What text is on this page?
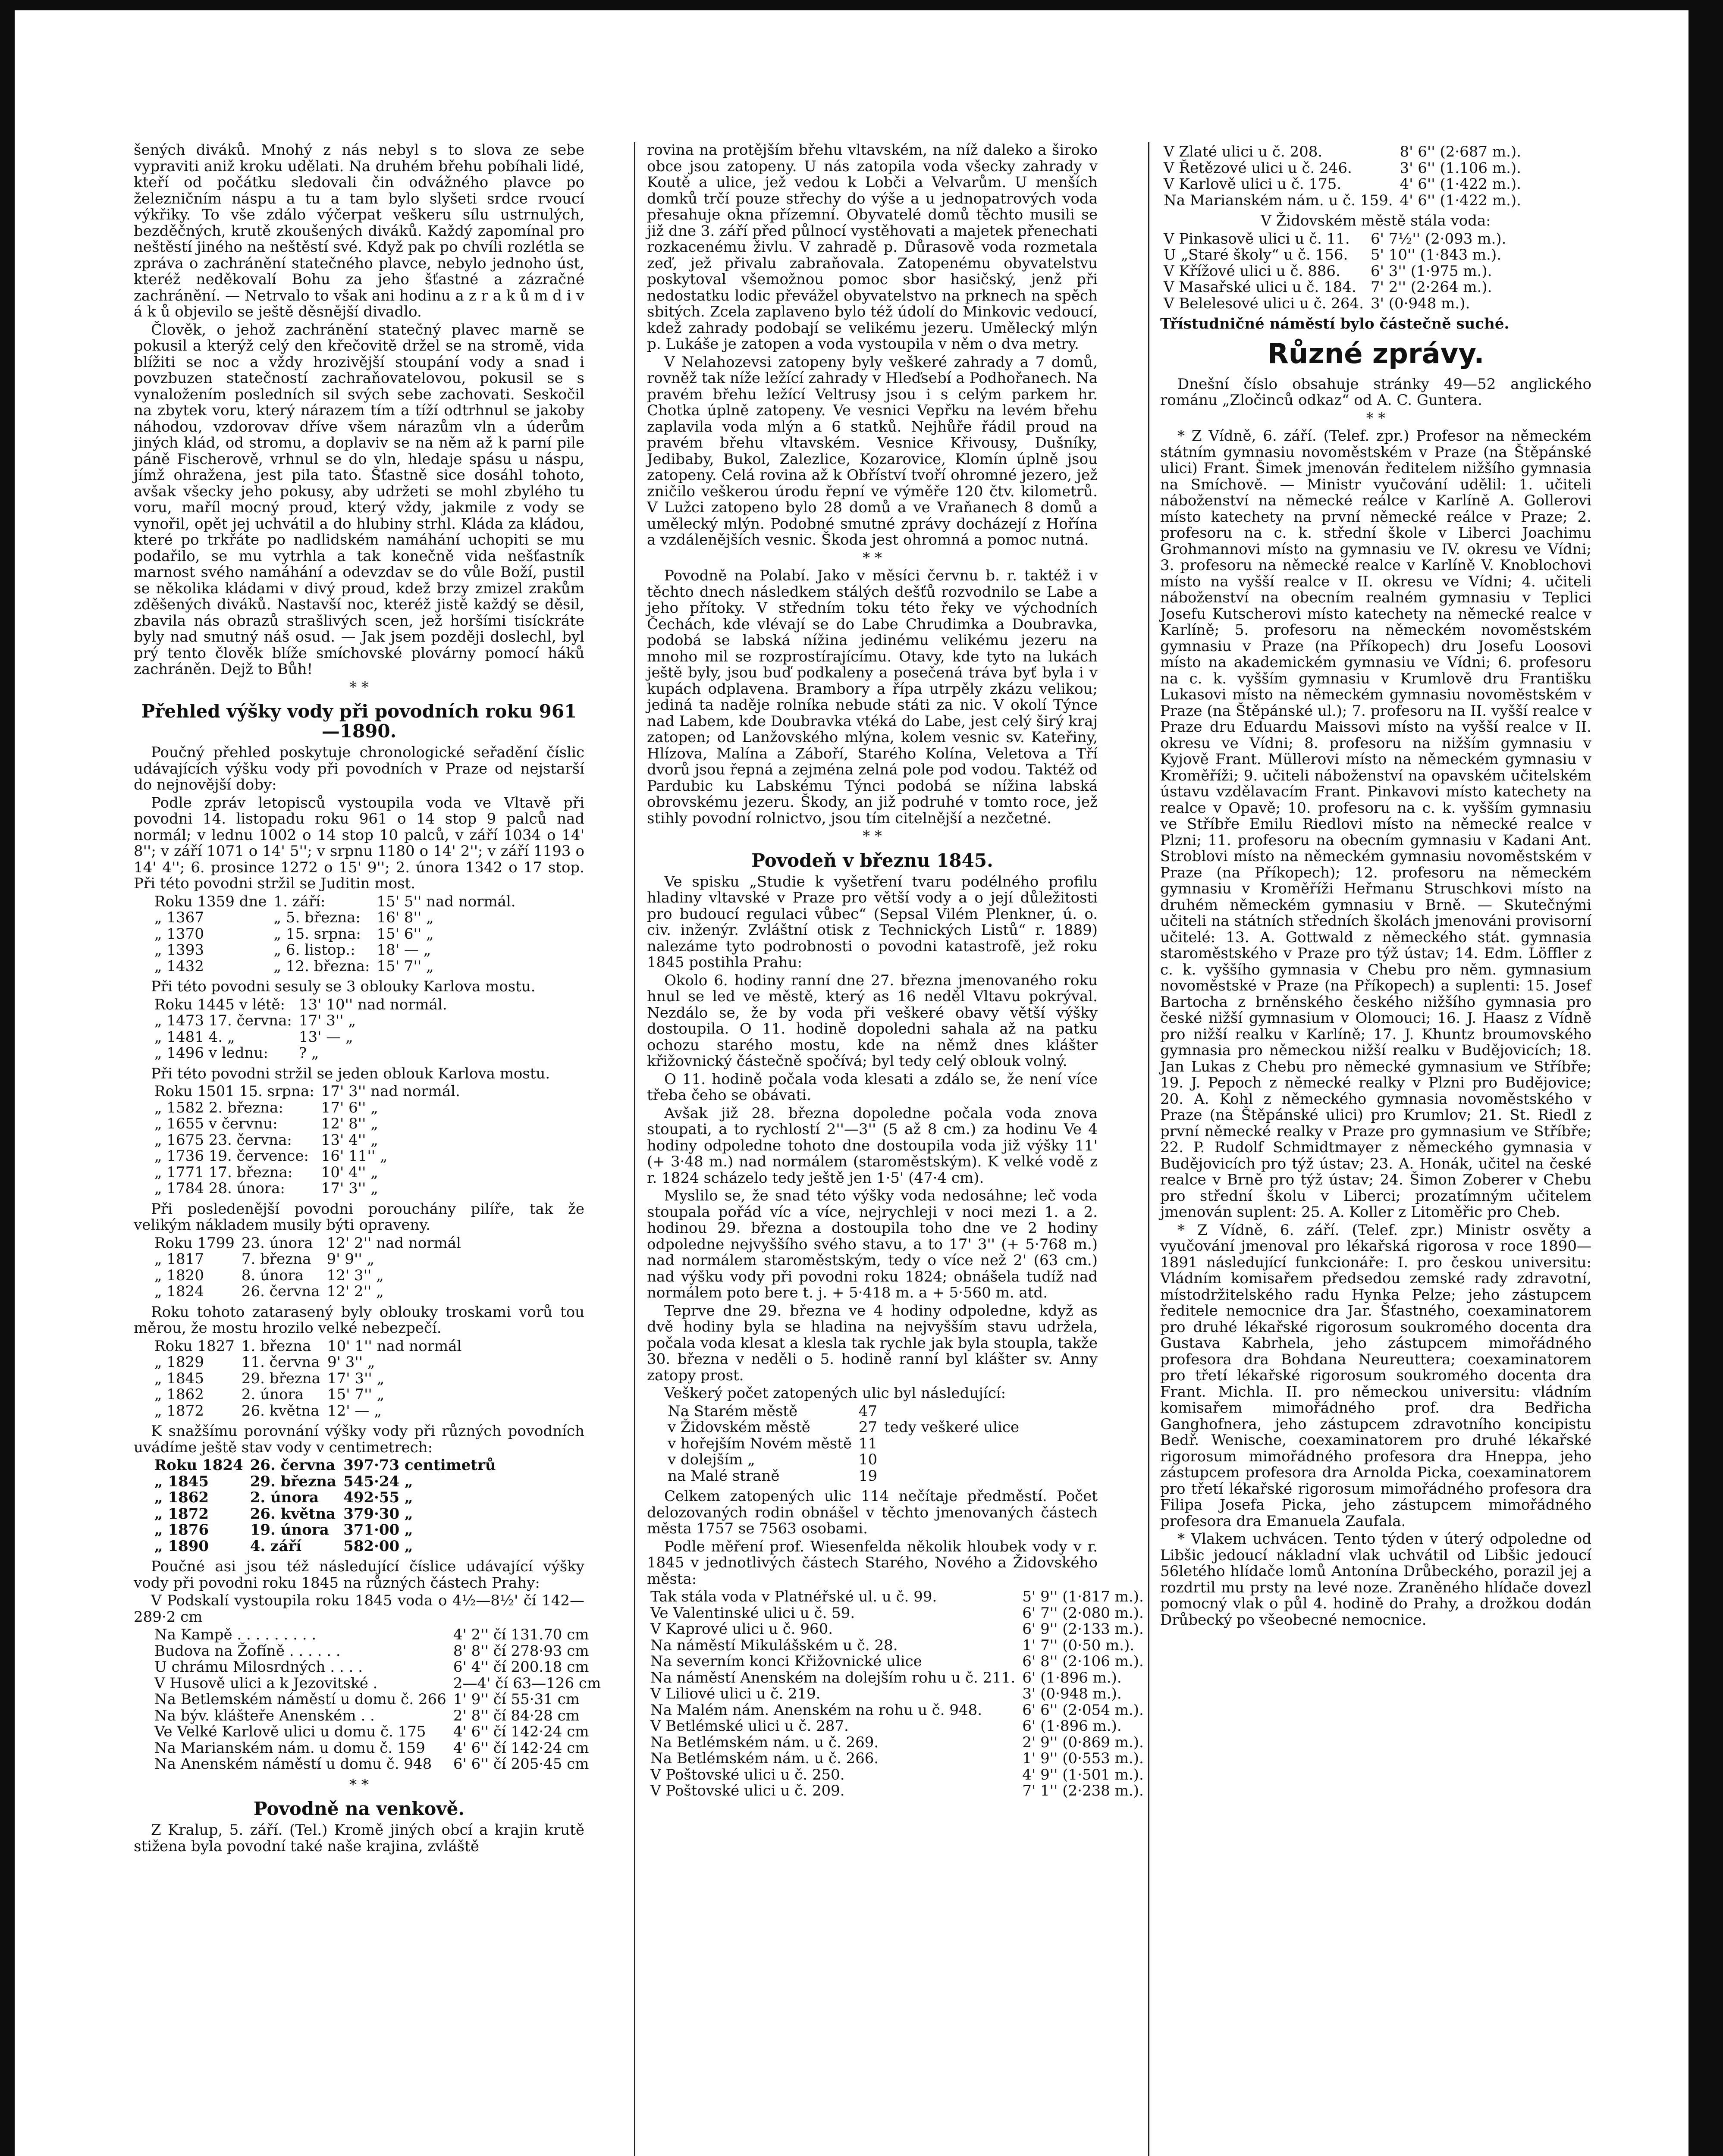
šených diváků. Mnohý z nás nebyl s to slova ze sebe vypraviti aniž kroku udělati. Na druhém břehu pobíhali lidé, kteří od počátku sledovali čin odvážného plavce po železničním náspu a tu a tam bylo slyšeti srdce rvoucí výkřiky. To vše zdálo výčerpat veškeru sílu ustrnulých, bezděčných, krutě zkoušených diváků. Každý zapomínal pro neštěstí jiného na neštěstí své. Když pak po chvíli rozlétla se zpráva o zachránění statečného plavce, nebylo jednoho úst, kteréž neděkovalí Bohu za jeho šťastné a zázračné zachránění. — Netrvalo to však ani hodinu a z r a k ů m d i v á k ů objevilo se ještě děsnější divadlo.

Člověk, o jehož zachránění statečný plavec marně se pokusil a kterýž celý den křečovitě držel se na stromě, vida blížiti se noc a vždy hrozivější stoupání vody a snad i povzbuzen statečností zachraňovatelovou, pokusil se s vynaložením posledních sil svých sebe zachovati. Seskočil na zbytek voru, který nárazem tím a tíží odtrhnul se jakoby náhodou, vzdorovav dříve všem nárazům vln a úderům jiných klád, od stromu, a doplaviv se na něm až k parní pile páně Fischerově, vrhnul se do vln, hledaje spásu u náspu, jímž ohražena, jest pila tato. Šťastně sice dosáhl tohoto, avšak všecky jeho pokusy, aby udržeti se mohl zbylého tu voru, maříl mocný proud, který vždy, jakmile z vody se vynořil, opět jej uchvátil a do hlubiny strhl. Kláda za kládou, které po trkřáte po nadlidském namáhání uchopiti se mu podařilo, se mu vytrhla a tak konečně vida nešťastník marnost svého namáhání a odevzdav se do vůle Boží, pustil se několika kládami v divý proud, kdež brzy zmizel zrakům zděšených diváků. Nastavší noc, kteréž jistě každý se děsil, zbavila nás obrazů strašlivých scen, jež horšími tisíckráte byly nad smutný náš osud. — Jak jsem později doslechl, byl prý tento člověk blíže smíchovské plovárny pomocí háků zachráněn. Dejž to Bůh!

* *
Přehled výšky vody při povodních roku 961—1890.

Poučný přehled poskytuje chronologické seřadění číslic udávajících výšku vody při povodních v Praze od nejstarší do nejnovější doby:

Podle zpráv letopisců vystoupila voda ve Vltavě při povodni 14. listopadu roku 961 o 14 stop 9 palců nad normál; v lednu 1002 o 14 stop 10 palců, v září 1034 o 14' 8''; v září 1071 o 14' 5''; v srpnu 1180 o 14' 2''; v září 1193 o 14' 4''; 6. prosince 1272 o 15' 9''; 2. února 1342 o 17 stop. Při této povodni stržil se Juditin most.

Roku 1359 dne	1. září:	15' 5'' nad normál.
„ 1367	„ 5. března:	16' 8'' „
„ 1370	„ 15. srpna:	15' 6'' „
„ 1393	„ 6. listop.:	18' — „
„ 1432	„ 12. března:	15' 7'' „

Při této povodni sesuly se 3 oblouky Karlova mostu.

Roku 1445 v létě:	13' 10'' nad normál.
„ 1473 17. června:	17' 3'' „
„ 1481 4. „	13' — „
„ 1496 v lednu:	? „

Při této povodni stržil se jeden oblouk Karlova mostu.

Roku 1501 15. srpna:	17' 3'' nad normál.
„ 1582 2. března:	17' 6'' „
„ 1655 v červnu:	12' 8'' „
„ 1675 23. června:	13' 4'' „
„ 1736 19. července:	16' 11'' „
„ 1771 17. března:	10' 4'' „
„ 1784 28. února:	17' 3'' „

Při posledenější povodni porouchány pilíře, tak že velikým nákladem musily býti opraveny.

Roku 1799	23. února	12' 2'' nad normál
„ 1817	7. března	9' 9'' „
„ 1820	8. února	12' 3'' „
„ 1824	26. června	12' 2'' „

Roku tohoto zatarasený byly oblouky troskami vorů tou měrou, že mostu hrozilo velké nebezpečí.

Roku 1827	1. března	10' 1'' nad normál
„ 1829	11. června	9' 3'' „
„ 1845	29. března	17' 3'' „
„ 1862	2. února	15' 7'' „
„ 1872	26. května	12' — „

K snažšímu porovnání výšky vody při různých povodních uvádíme ještě stav vody v centimetrech:

Roku 1824	26. června	397·73 centimetrů
„ 1845	29. března	545·24 „
„ 1862	2. února	492·55 „
„ 1872	26. května	379·30 „
„ 1876	19. února	371·00 „
„ 1890	4. září	582·00 „

Poučné asi jsou též následující číslice udávající výšky vody při povodni roku 1845 na různých částech Prahy:

V Podskalí vystoupila roku 1845 voda o 4½—8½' čí 142—289·2 cm

Na Kampě . . . . . . . . .	4' 2'' čí 131.70 cm
Budova na Žofíně . . . . . .	8' 8'' čí 278·93 cm
U chrámu Milosrdných . . . .	6' 4'' čí 200.18 cm
V Husově ulici a k Jezovitské .	2—4' čí 63—126 cm
Na Betlemském náměstí u domu č. 266	1' 9'' čí 55·31 cm
Na býv. klášteře Anenském . .	2' 8'' čí 84·28 cm
Ve Velké Karlově ulici u domu č. 175	4' 6'' čí 142·24 cm
Na Marianském nám. u domu č. 159	4' 6'' čí 142·24 cm
Na Anenském náměstí u domu č. 948	6' 6'' čí 205·45 cm
* *
Povodně na venkově.

Z Kralup, 5. září. (Tel.) Kromě jiných obcí a krajin krutě stižena byla povodní také naše krajina, zvláště

rovina na protějším břehu vltavském, na níž daleko a široko obce jsou zatopeny. U nás zatopila voda všecky zahrady v Koutě a ulice, jež vedou k Lobči a Velvarům. U menších domků trčí pouze střechy do výše a u jednopatrových voda přesahuje okna přízemní. Obyvatelé domů těchto musili se již dne 3. září před půlnocí vystěhovati a majetek přenechati rozkacenému živlu. V zahradě p. Důrasově voda rozmetala zeď, jež přivalu zabraňovala. Zatopenému obyvatelstvu poskytoval všemožnou pomoc sbor hasičský, jenž při nedostatku lodic převážel obyvatelstvo na prknech na spěch sbitých. Zcela zaplaveno bylo též údolí do Minkovic vedoucí, kdež zahrady podobají se velikému jezeru. Umělecký mlýn p. Lukáše je zatopen a voda vystoupila v něm o dva metry.

V Nelahozevsi zatopeny byly veškeré zahrady a 7 domů, rovněž tak níže ležící zahrady v Hleďsebí a Podhořanech. Na pravém břehu ležící Veltrusy jsou i s celým parkem hr. Chotka úplně zatopeny. Ve vesnici Vepřku na levém břehu zaplavila voda mlýn a 6 statků. Nejhůře řádil proud na pravém břehu vltavském. Vesnice Křivousy, Dušníky, Jedibaby, Bukol, Zalezlice, Kozarovice, Klomín úplně jsou zatopeny. Celá rovina až k Obříství tvoří ohromné jezero, jež zničilo veškerou úrodu řepní ve výměře 120 čtv. kilometrů. V Lužci zatopeno bylo 28 domů a ve Vraňanech 8 domů a umělecký mlýn. Podobné smutné zprávy docházejí z Hořína a vzdálenějších vesnic. Škoda jest ohromná a pomoc nutná.

* *

Povodně na Polabí. Jako v měsíci červnu b. r. taktéž i v těchto dnech následkem stálých dešťů rozvodnilo se Labe a jeho přítoky. V středním toku této řeky ve východních Čechách, kde vlévají se do Labe Chrudimka a Doubravka, podobá se labská nížina jedinému velikému jezeru na mnoho mil se rozprostírajícímu. Otavy, kde tyto na lukách ještě byly, jsou buď podkaleny a posečená tráva byť byla i v kupách odplavena. Brambory a řípa utrpěly zkázu velikou; jediná ta naděje rolníka nebude státi za nic. V okolí Týnce nad Labem, kde Doubravka vtéká do Labe, jest celý širý kraj zatopen; od Lanžovského mlýna, kolem vesnic sv. Kateřiny, Hlízova, Malína a Záboří, Starého Kolína, Veletova a Tří dvorů jsou řepná a zejména zelná pole pod vodou. Taktéž od Pardubic ku Labskému Týnci podobá se nížina labská obrovskému jezeru. Škody, an již podruhé v tomto roce, jež stihly povodní rolnictvo, jsou tím citelnější a nezčetné.

* *
Povodeň v březnu 1845.

Ve spisku „Studie k vyšetření tvaru podélného profilu hladiny vltavské v Praze pro větší vody a o její důležitosti pro budoucí regulaci vůbec“ (Sepsal Vilém Plenkner, ú. o. civ. inženýr. Zvláštní otisk z Technických Listů“ r. 1889) nalezáme tyto podrobnosti o povodni katastrofě, jež roku 1845 postihla Prahu:

Okolo 6. hodiny ranní dne 27. března jmenovaného roku hnul se led ve městě, který as 16 neděl Vltavu pokrýval. Nezdálo se, že by voda při veškeré obavy větší výšky dostoupila. O 11. hodině dopoledni sahala až na patku ochozu starého mostu, kde na němž dnes klášter křižovnický částečně spočívá; byl tedy celý oblouk volný.

O 11. hodině počala voda klesati a zdálo se, že není více třeba čeho se obávati.

Avšak již 28. března dopoledne počala voda znova stoupati, a to rychlostí 2''—3'' (5 až 8 cm.) za hodinu Ve 4 hodiny odpoledne tohoto dne dostoupila voda již výšky 11' (+ 3·48 m.) nad normálem (staroměstským). K velké vodě z r. 1824 scházelo tedy ještě jen 1·5' (47·4 cm).

Myslilo se, že snad této výšky voda nedosáhne; leč voda stoupala pořád víc a více, nejrychleji v noci mezi 1. a 2. hodinou 29. března a dostoupila toho dne ve 2 hodiny odpoledne nejvyššího svého stavu, a to 17' 3'' (+ 5·768 m.) nad normálem staroměstským, tedy o více než 2' (63 cm.) nad výšku vody při povodni roku 1824; obnášela tudíž nad normálem poto bere t. j. + 5·418 m. a + 5·560 m. atd.

Teprve dne 29. března ve 4 hodiny odpoledne, když as dvě hodiny byla se hladina na nejvyšším stavu udržela, počala voda klesat a klesla tak rychle jak byla stoupla, takže 30. března v neděli o 5. hodině ranní byl klášter sv. Anny zatopy prost.

Veškerý počet zatopených ulic byl následující:

Na Starém městě	47	
v Židovském městě	27	tedy veškeré ulice
v hořejším Novém městě	11	
v dolejším „	10	
na Malé straně	19	

Celkem zatopených ulic 114 nečítaje předměstí. Počet delozovaných rodin obnášel v těchto jmenovaných částech města 1757 se 7563 osobami.

Podle měření prof. Wiesenfelda několik hloubek vody v r. 1845 v jednotlivých částech Starého, Nového a Židovského města:

Tak stála voda v Platnéřské ul. u č. 99.	5' 9'' (1·817 m.).
Ve Valentinské ulici u č. 59.	6' 7'' (2·080 m.).
V Kaprové ulici u č. 960.	6' 9'' (2·133 m.).
Na náměstí Mikulášském u č. 28.	1' 7'' (0·50 m.).
Na severním konci Křižovnické ulice	6' 8'' (2·106 m.).
Na náměstí Anenském na dolejším rohu u č. 211.	6' (1·896 m.).
V Liliové ulici u č. 219.	3' (0·948 m.).
Na Malém nám. Anenském na rohu u č. 948.	6' 6'' (2·054 m.).
V Betlémské ulici u č. 287.	6' (1·896 m.).
Na Betlémském nám. u č. 269.	2' 9'' (0·869 m.).
Na Betlémském nám. u č. 266.	1' 9'' (0·553 m.).
V Poštovské ulici u č. 250.	4' 9'' (1·501 m.).
V Poštovské ulici u č. 209.	7' 1'' (2·238 m.).
V Zlaté ulici u č. 208.	8' 6'' (2·687 m.).
V Řetězové ulici u č. 246.	3' 6'' (1.106 m.).
V Karlově ulici u č. 175.	4' 6'' (1·422 m.).
Na Marianském nám. u č. 159.	4' 6'' (1·422 m.).

V Židovském městě stála voda:

V Pinkasově ulici u č. 11.	6' 7½'' (2·093 m.).
U „Staré školy“ u č. 156.	5' 10'' (1·843 m.).
V Křížové ulici u č. 886.	6' 3'' (1·975 m.).
V Masařské ulici u č. 184.	7' 2'' (2·264 m.).
V Belelesové ulici u č. 264.	3' (0·948 m.).

Třístudničné náměstí bylo částečně suché.

Různé zprávy.

Dnešní číslo obsahuje stránky 49—52 anglického románu „Zločinců odkaz“ od A. C. Guntera.

* *

* Z Vídně, 6. září. (Telef. zpr.) Profesor na německém státním gymnasiu novoměstském v Praze (na Štěpánské ulici) Frant. Šimek jmenován ředitelem nižšího gymnasia na Smíchově. — Ministr vyučování udělil: 1. učiteli náboženství na německé reálce v Karlíně A. Gollerovi místo katechety na první německé reálce v Praze; 2. profesoru na c. k. střední škole v Liberci Joachimu Grohmannovi místo na gymnasiu ve IV. okresu ve Vídni; 3. profesoru na německé realce v Karlíně V. Knoblochovi místo na vyšší realce v II. okresu ve Vídni; 4. učiteli náboženství na obecním realném gymnasiu v Teplici Josefu Kutscherovi místo katechety na německé realce v Karlíně; 5. profesoru na německém novoměstském gymnasiu v Praze (na Příkopech) dru Josefu Loosovi místo na akademickém gymnasiu ve Vídni; 6. profesoru na c. k. vyšším gymnasiu v Krumlově dru Františku Lukasovi místo na německém gymnasiu novoměstském v Praze (na Štěpánské ul.); 7. profesoru na II. vyšší realce v Praze dru Eduardu Maissovi místo na vyšší realce v II. okresu ve Vídni; 8. profesoru na nižším gymnasiu v Kyjově Frant. Müllerovi místo na německém gymnasiu v Kroměříži; 9. učiteli náboženství na opavském učitelském ústavu vzdělavacím Frant. Pinkavovi místo katechety na realce v Opavě; 10. profesoru na c. k. vyšším gymnasiu ve Stříbře Emilu Riedlovi místo na německé realce v Plzni; 11. profesoru na obecním gymnasiu v Kadani Ant. Stroblovi místo na německém gymnasiu novoměstském v Praze (na Příkopech); 12. profesoru na německém gymnasiu v Kroměříži Heřmanu Struschkovi místo na druhém německém gymnasiu v Brně. — Skutečnými učiteli na státních středních školách jmenováni provisorní učitelé: 13. A. Gottwald z německého stát. gymnasia staroměstského v Praze pro týž ústav; 14. Edm. Löffler z c. k. vyššího gymnasia v Chebu pro něm. gymnasium novoměstské v Praze (na Příkopech) a suplenti: 15. Josef Bartocha z brněnského českého nižšího gymnasia pro české nižší gymnasium v Olomouci; 16. J. Haasz z Vídně pro nižší realku v Karlíně; 17. J. Khuntz broumovského gymnasia pro německou nižší realku v Budějovicích; 18. Jan Lukas z Chebu pro německé gymnasium ve Stříbře; 19. J. Pepoch z německé realky v Plzni pro Budějovice; 20. A. Kohl z německého gymnasia novoměstského v Praze (na Štěpánské ulici) pro Krumlov; 21. St. Riedl z první německé realky v Praze pro gymnasium ve Stříbře; 22. P. Rudolf Schmidtmayer z německého gymnasia v Budějovicích pro týž ústav; 23. A. Honák, učitel na české realce v Brně pro týž ústav; 24. Šimon Zoberer v Chebu pro střední školu v Liberci; prozatímným učitelem jmenován suplent: 25. A. Koller z Litoměřic pro Cheb.

* Z Vídně, 6. září. (Telef. zpr.) Ministr osvěty a vyučování jmenoval pro lékařská rigorosa v roce 1890—1891 následující funkcionáře: I. pro českou universitu: Vládním komisařem předsedou zemské rady zdravotní, místodržitelského radu Hynka Pelze; jeho zástupcem ředitele nemocnice dra Jar. Šťastného, coexaminatorem pro druhé lékařské rigorosum soukromého docenta dra Gustava Kabrhela, jeho zástupcem mimořádného profesora dra Bohdana Neureuttera; coexaminatorem pro třetí lékařské rigorosum soukromého docenta dra Frant. Michla. II. pro německou universitu: vládním komisařem mimořádného prof. dra Bedřicha Ganghofnera, jeho zástupcem zdravotního koncipistu Bedř. Wenische, coexaminatorem pro druhé lékařské rigorosum mimořádného profesora dra Hneppa, jeho zástupcem profesora dra Arnolda Picka, coexaminatorem pro třetí lékařské rigorosum mimořádného profesora dra Filipa Josefa Picka, jeho zástupcem mimořádného profesora dra Emanuela Zaufala.

* Vlakem uchvácen. Tento týden v úterý odpoledne od Libšic jedoucí nákladní vlak uchvátil od Libšic jedoucí 56letého hlídače lomů Antonína Drůbeckého, porazil jej a rozdrtil mu prsty na levé noze. Zraněného hlídače dovezl pomocný vlak o půl 4. hodině do Prahy, a drožkou dodán Drůbecký po všeobecné nemocnice.
